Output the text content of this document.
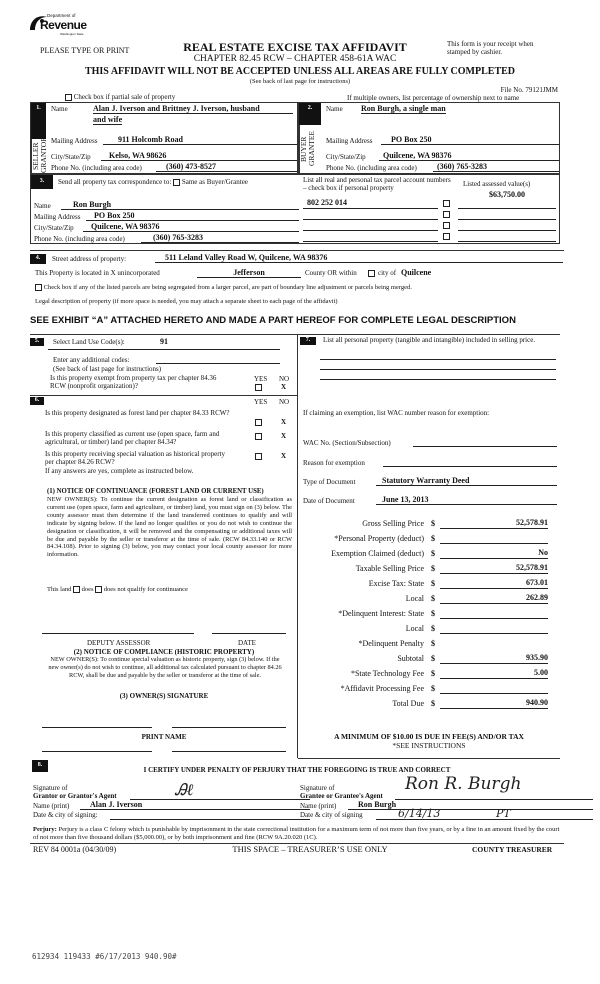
Department of
Revenue
Washington State
PLEASE TYPE OR PRINT	REAL ESTATE EXCISE TAX AFFIDAVIT
CHAPTER 82.45 RCW – CHAPTER 458-61A WAC
This form is your receipt when stamped by cashier.
THIS AFFIDAVIT WILL NOT BE ACCEPTED UNLESS ALL AREAS ARE FULLY COMPLETED
(See back of last page for instructions)
File No. 79121JMM
Check box if partial sale of property	If multiple owners, list percentage of ownership next to name
1.
SELLER
GRANTOR
Name	Alan J. Iverson and Brittney J. Iverson, husband
and wife
Mailing Address	911 Holcomb Road
City/State/Zip	Kelso, WA 98626
Phone No. (including area code)	(360) 473-8527
2.
BUYER
GRANTEE
Name Ron Burgh, a single man
Mailing Address	PO Box 250
City/State/Zip	Quilcene, WA 98376
Phone No. (including area code)	(360) 765-3283
3.	Send all property tax correspondence to: Same as Buyer/Grantee
Name	Ron Burgh
Mailing Address	PO Box 250
City/State/Zip	Quilcene, WA 98376
Phone No. (including area code)	(360) 765-3283
List all real and personal tax parcel account numbers – check box if personal property	Listed assessed value(s)
802 252 014
$63,750.00
4.	Street address of property:	511 Leland Valley Road W, Quilcene, WA 98376
This Property is located in X unincorporated	Jefferson	County OR within	city of Quilcene
Check box if any of the listed parcels are being segregated from a larger parcel, are part of boundary line adjustment or parcels being merged.
Legal description of property (if more space is needed, you may attach a separate sheet to each page of the affidavit)
SEE EXHIBIT “A” ATTACHED HERETO AND MADE A PART HEREOF FOR COMPLETE LEGAL DESCRIPTION
5.	Select Land Use Code(s):	91
Enter any additional codes:
(See back of last page for instructions)
Is this property exempt from property tax per chapter 84.36 RCW (nonprofit organization)?
YES NO
X
6.	YES NO
Is this property designated as forest land per chapter 84.33 RCW?
X
Is this property classified as current use (open space, farm and agricultural, or timber) land per chapter 84.34?
X
Is this property receiving special valuation as historical property per chapter 84.26 RCW?
X
If any answers are yes, complete as instructed below.
(1) NOTICE OF CONTINUANCE (FOREST LAND OR CURRENT USE)
NEW OWNER(S): To continue the current designation as forest land or classification as current use (open space, farm and agriculture, or timber) land, you must sign on (3) below. The county assessor must then determine if the land transferred continues to qualify and will indicate by signing below. If the land no longer qualifies or you do not wish to continue the designation or classification, it will be removed and the compensating or additional taxes will be due and payable by the seller or transferor at the time of sale. (RCW 84.33.140 or RCW 84.34.108). Prior to signing (3) below, you may contact your local county assessor for more information.
This land does does not qualify for continuance
DEPUTY ASSESSOR	DATE
(2) NOTICE OF COMPLIANCE (HISTORIC PROPERTY)
NEW OWNER(S): To continue special valuation as historic property, sign (3) below. If the new owner(s) do not wish to continue, all additional tax calculated pursuant to chapter 84.26 RCW, shall be due and payable by the seller or transferor at the time of sale.
(3) OWNER(S) SIGNATURE
PRINT NAME
7.	List all personal property (tangible and intangible) included in selling price.
If claiming an exemption, list WAC number reason for exemption:
WAC No. (Section/Subsection)
Reason for exemption
Type of Document	Statutory Warranty Deed
Date of Document	June 13, 2013
Gross Selling Price $	52,578.91
*Personal Property (deduct) $
Exemption Claimed (deduct) $	No
Taxable Selling Price $	52,578.91
Excise Tax: State $	673.01
Local $	262.89
*Delinquent Interest: State $
Local $
*Delinquent Penalty $
Subtotal $	935.90
*State Technology Fee $	5.00
*Affidavit Processing Fee $
Total Due $	940.90
A MINIMUM OF $10.00 IS DUE IN FEE(S) AND/OR TAX
*SEE INSTRUCTIONS
8.
I CERTIFY UNDER PENALTY OF PERJURY THAT THE FOREGOING IS TRUE AND CORRECT
Signature of
Grantor or Grantor's Agent	Ꭿℓ
Name (print)	Alan J. Iverson
Date & city of signing:
Signature of
Grantee or Grantee's Agent
Ron R. Burgh
Name (print)	Ron Burgh
Date & city of signing	6/14/13	PT
Perjury: Perjury is a class C felony which is punishable by imprisonment in the state correctional institution for a maximum term of not more than five years, or by a fine in an amount fixed by the court of not more than five thousand dollars ($5,000.00), or by both imprisonment and fine (RCW 9A.20.020 (1C).
REV 84 0001a (04/30/09)	THIS SPACE – TREASURER’S USE ONLY	COUNTY TREASURER
612934 119433 #6/17/2013 940.90#
